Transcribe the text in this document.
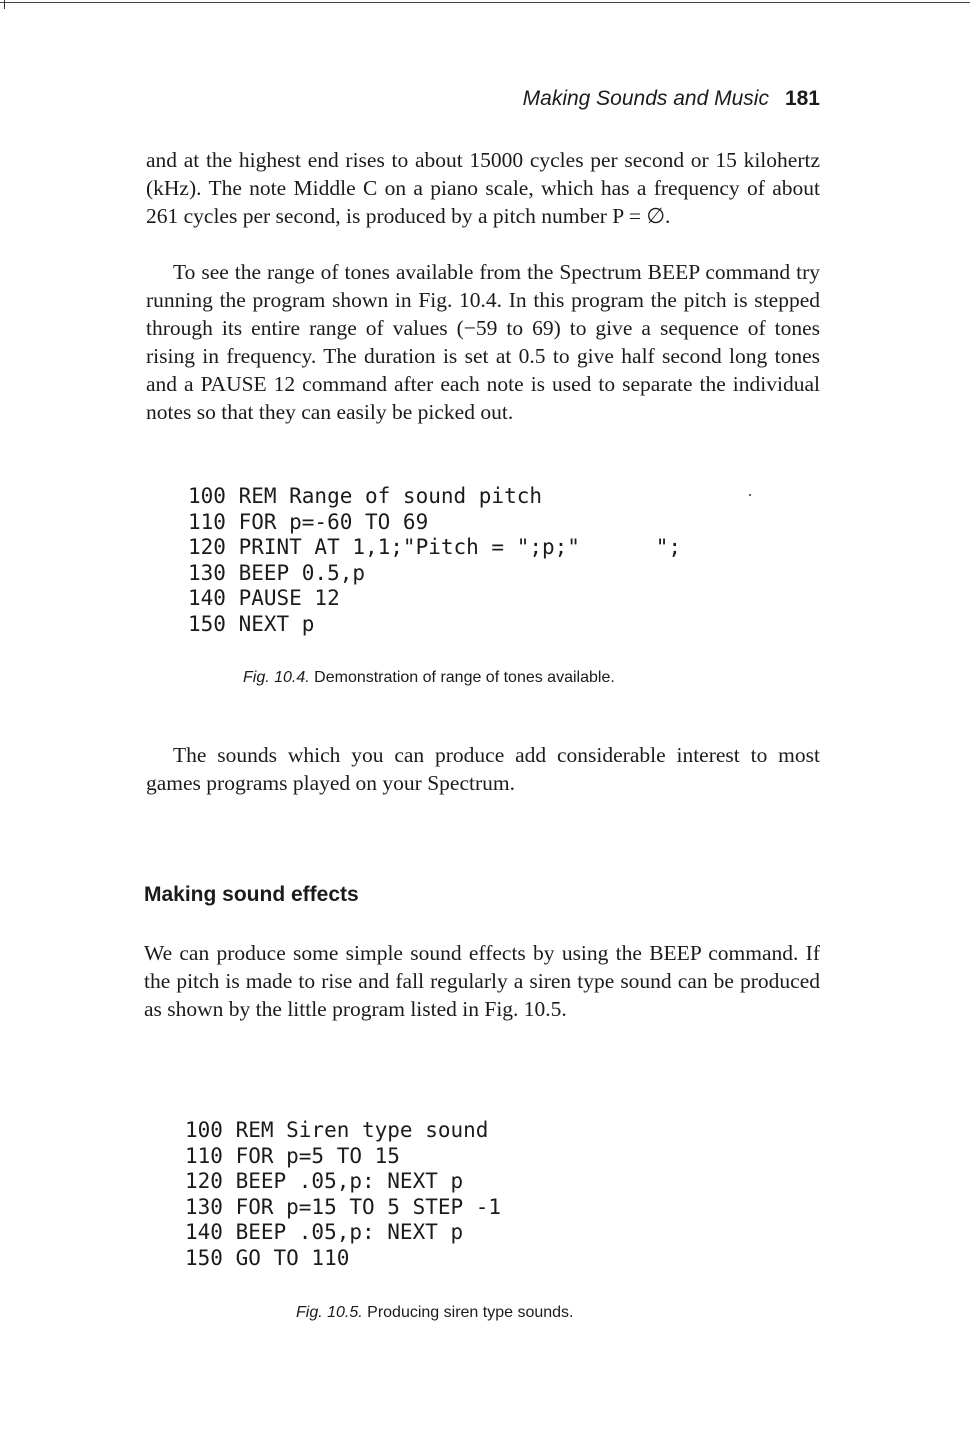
Making Sounds and Music 181

and at the highest end rises to about 15000 cycles per second or 15 kilohertz (kHz). The note Middle C on a piano scale, which has a frequency of about 261 cycles per second, is produced by a pitch number P = ∅.

To see the range of tones available from the Spectrum BEEP command try running the program shown in Fig. 10.4. In this program the pitch is stepped through its entire range of values (−59 to 69) to give a sequence of tones rising in frequency. The duration is set at 0.5 to give half second long tones and a PAUSE 12 command after each note is used to separate the individual notes so that they can easily be picked out.

100 REM Range of sound pitch
110 FOR p=-60 TO 69
120 PRINT AT 1,1;"Pitch = ";p;"      ";
130 BEEP 0.5,p
140 PAUSE 12
150 NEXT p
Fig. 10.4. Demonstration of range of tones available.

The sounds which you can produce add considerable interest to most games programs played on your Spectrum.

Making sound effects

We can produce some simple sound effects by using the BEEP command. If the pitch is made to rise and fall regularly a siren type sound can be produced as shown by the little program listed in Fig. 10.5.

100 REM Siren type sound
110 FOR p=5 TO 15
120 BEEP .05,p: NEXT p
130 FOR p=15 TO 5 STEP -1
140 BEEP .05,p: NEXT p
150 GO TO 110
Fig. 10.5. Producing siren type sounds.
